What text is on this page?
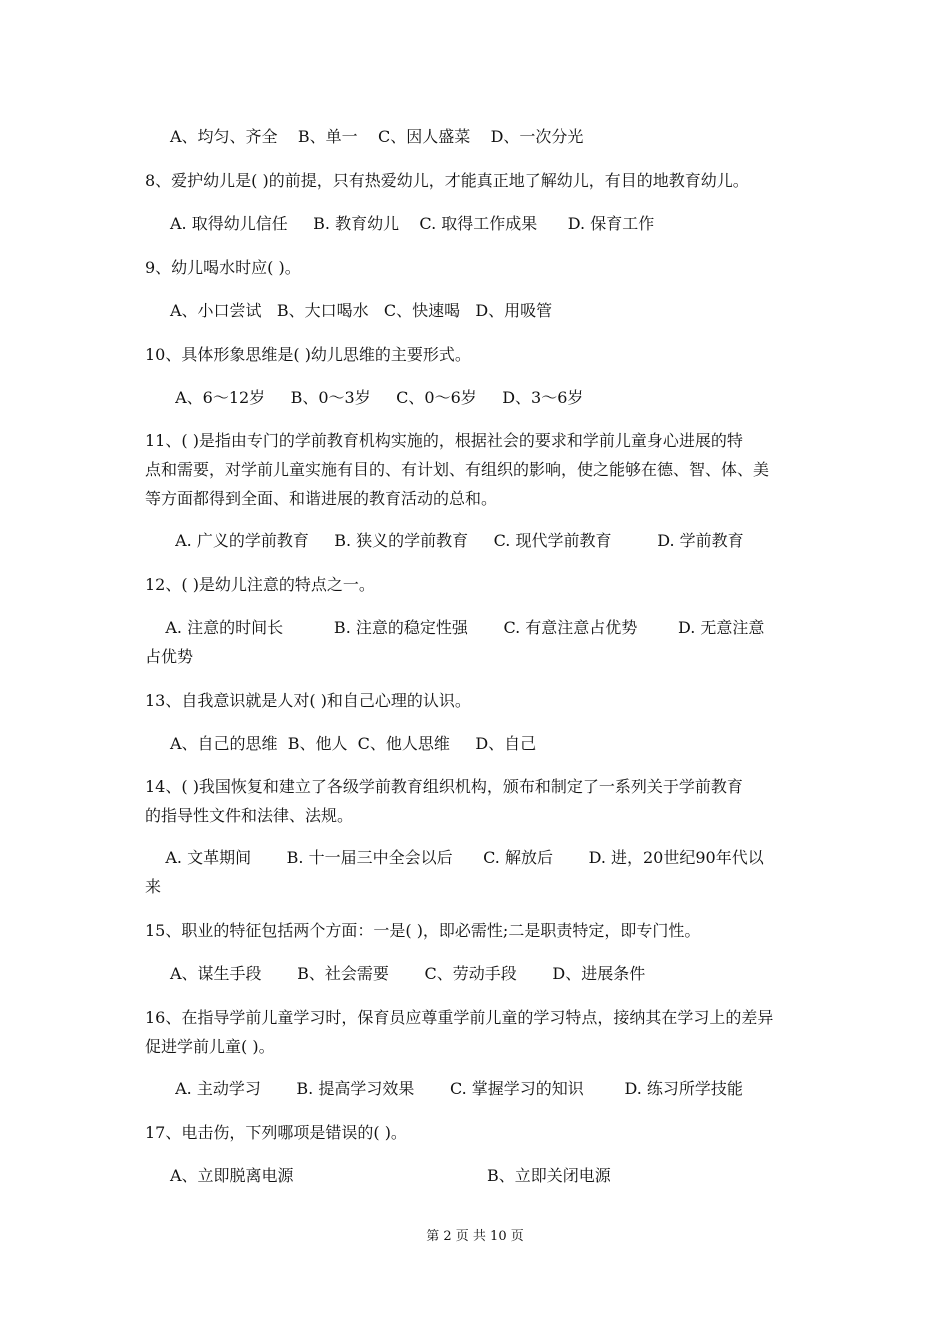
A、均匀、齐全    B、单一    C、因人盛菜    D、一次分光
8、爱护幼儿是( )的前提，只有热爱幼儿，才能真正地了解幼儿，有目的地教育幼儿。
A. 取得幼儿信任     B. 教育幼儿    C. 取得工作成果      D. 保育工作
9、幼儿喝水时应( )。
A、小口尝试   B、大口喝水   C、快速喝   D、用吸管
10、具体形象思维是( )幼儿思维的主要形式。
A、6～12岁     B、0～3岁     C、0～6岁     D、3～6岁
11、( )是指由专门的学前教育机构实施的，根据社会的要求和学前儿童身心进展的特
点和需要，对学前儿童实施有目的、有计划、有组织的影响，使之能够在德、智、体、美
等方面都得到全面、和谐进展的教育活动的总和。
A. 广义的学前教育     B. 狭义的学前教育     C. 现代学前教育         D. 学前教育
12、( )是幼儿注意的特点之一。
A. 注意的时间长          B. 注意的稳定性强       C. 有意注意占优势        D. 无意注意
占优势
13、自我意识就是人对( )和自己心理的认识。
A、自己的思维  B、他人  C、他人思维     D、自己
14、( )我国恢复和建立了各级学前教育组织机构，颁布和制定了一系列关于学前教育
的指导性文件和法律、法规。
A. 文革期间       B. 十一届三中全会以后      C. 解放后       D. 进，20世纪90年代以
来
15、职业的特征包括两个方面：一是( )，即必需性;二是职责特定，即专门性。
A、谋生手段       B、社会需要       C、劳动手段       D、进展条件
16、在指导学前儿童学习时，保育员应尊重学前儿童的学习特点，接纳其在学习上的差异
促进学前儿童( )。
A. 主动学习       B. 提高学习效果       C. 掌握学习的知识        D. 练习所学技能
17、电击伤，下列哪项是错误的( )。
A、立即脱离电源	B、立即关闭电源
第 2 页 共 10 页
